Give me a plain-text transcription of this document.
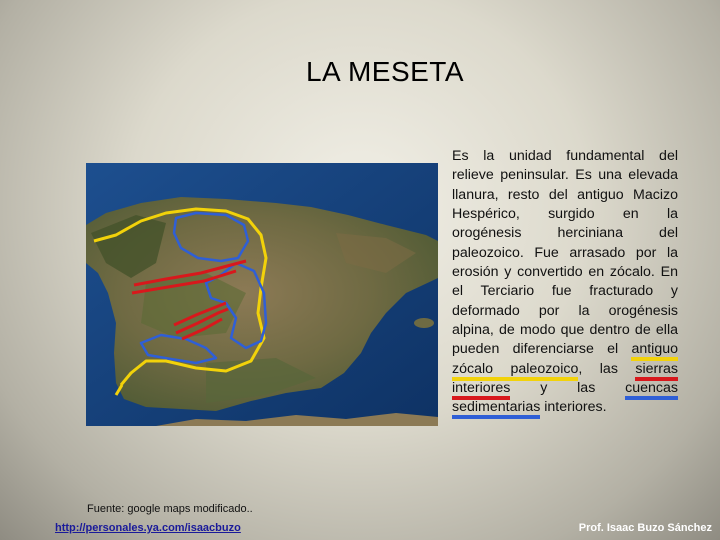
LA MESETA
Es la unidad fundamental del relieve peninsular. Es una elevada llanura, resto del antiguo Macizo Hespérico, surgido en la orogénesis herciniana del paleozoico. Fue arrasado por la erosión y convertido en zócalo. En el Terciario fue fracturado y deformado por la orogénesis alpina, de modo que dentro de ella pueden diferenciarse el antiguo zócalo paleozoico, las sierras interiores y las cuencas sedimentarias interiores.
Fuente: google maps modificado..
http://personales.ya.com/isaacbuzo	Prof. Isaac Buzo Sánchez
